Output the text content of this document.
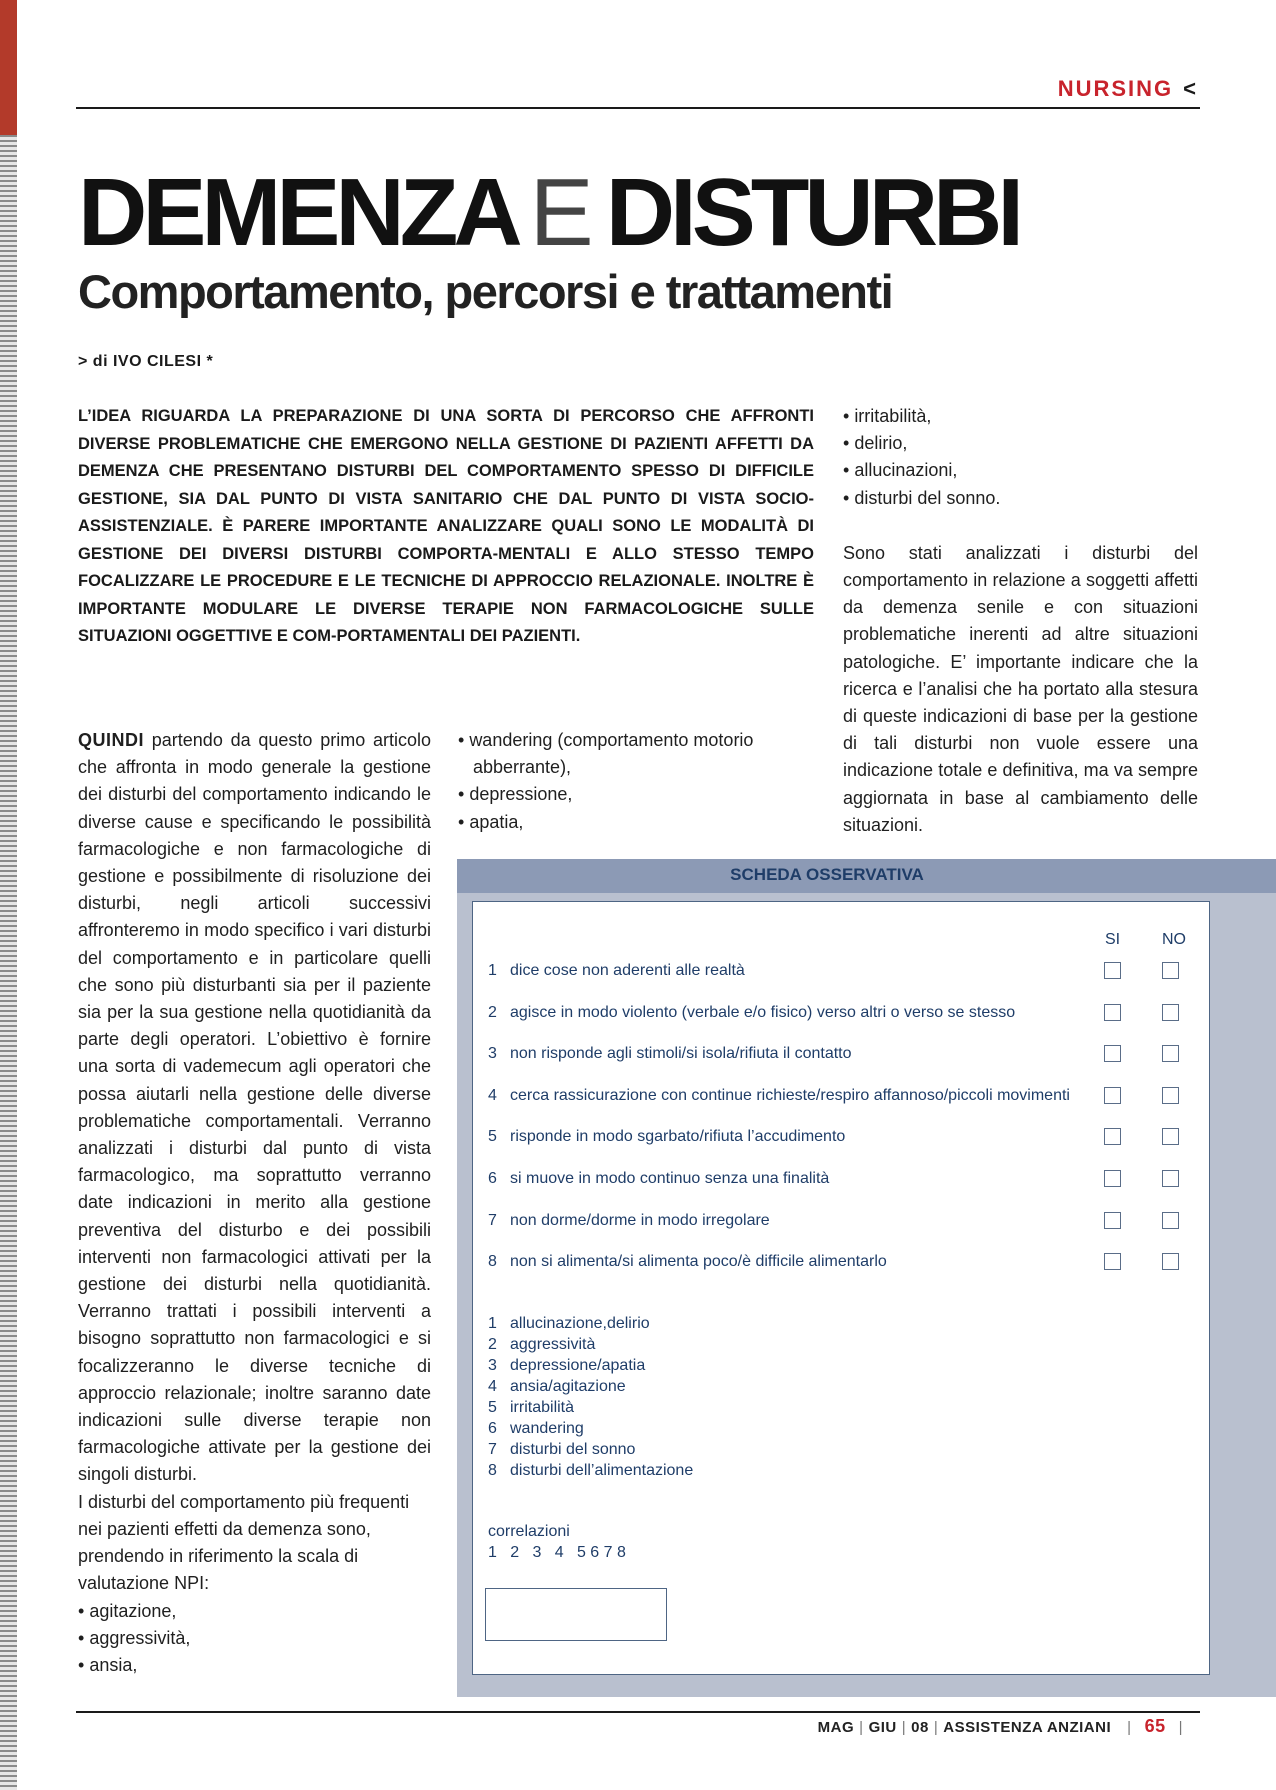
NURSING <
DEMENZA E DISTURBI
Comportamento, percorsi e trattamenti
> di IVO CILESI *

L’IDEA RIGUARDA LA PREPARAZIONE DI UNA SORTA DI PERCORSO CHE AFFRONTI DIVERSE PROBLEMATICHE CHE EMERGONO NELLA GESTIONE DI PAZIENTI AFFETTI DA DEMENZA CHE PRESENTANO DISTURBI DEL COMPORTAMENTO SPESSO DI DIFFICILE GESTIONE, SIA DAL PUNTO DI VISTA SANITARIO CHE DAL PUNTO DI VISTA SOCIO-ASSISTENZIALE. È PARERE IMPORTANTE ANALIZZARE QUALI SONO LE MODALITÀ DI GESTIONE DEI DIVERSI DISTURBI COMPORTA-MENTALI E ALLO STESSO TEMPO FOCALIZZARE LE PROCEDURE E LE TECNICHE DI APPROCCIO RELAZIONALE. INOLTRE È IMPORTANTE MODULARE LE DIVERSE TERAPIE NON FARMACOLOGICHE SULLE SITUAZIONI OGGETTIVE E COM-PORTAMENTALI DEI PAZIENTI.

QUINDI partendo da questo primo articolo che affronta in modo generale la gestione dei disturbi del comportamento indicando le diverse cause e specificando le possibilità farmacologiche e non farmacologiche di gestione e possibilmente di risoluzione dei disturbi, negli articoli successivi affronteremo in modo specifico i vari disturbi del comportamento e in particolare quelli che sono più disturbanti sia per il paziente sia per la sua gestione nella quotidianità da parte degli operatori. L’obiettivo è fornire una sorta di vademecum agli operatori che possa aiutarli nella gestione delle diverse problematiche comportamentali. Verranno analizzati i disturbi dal punto di vista farmacologico, ma soprattutto verranno date indicazioni in merito alla gestione preventiva del disturbo e dei possibili interventi non farmacologici attivati per la gestione dei disturbi nella quotidianità. Verranno trattati i possibili interventi a bisogno soprattutto non farmacologici e si focalizzeranno le diverse tecniche di approccio relazionale; inoltre saranno date indicazioni sulle diverse terapie non farmacologiche attivate per la gestione dei singoli disturbi.

I disturbi del comportamento più frequenti nei pazienti effetti da demenza sono, prendendo in riferimento la scala di valutazione NPI:

• agitazione,
• aggressività,
• ansia,
• wandering (comportamento motorio abberrante),
• depressione,
• apatia,
• irritabilità,
• delirio,
• allucinazioni,
• disturbi del sonno.

Sono stati analizzati i disturbi del comportamento in relazione a soggetti affetti da demenza senile e con situazioni problematiche inerenti ad altre situazioni patologiche. E’ importante indicare che la ricerca e l’analisi che ha portato alla stesura di queste indicazioni di base per la gestione di tali disturbi non vuole essere una indicazione totale e definitiva, ma va sempre aggiornata in base al cambiamento delle situazioni.

SCHEDA OSSERVATIVA
SI	NO
1 dice cose non aderenti alle realtà
2 agisce in modo violento (verbale e/o fisico) verso altri o verso se stesso
3 non risponde agli stimoli/si isola/rifiuta il contatto
4 cerca rassicurazione con continue richieste/respiro affannoso/piccoli movimenti
5 risponde in modo sgarbato/rifiuta l’accudimento
6 si muove in modo continuo senza una finalità
7 non dorme/dorme in modo irregolare
8 non si alimenta/si alimenta poco/è difficile alimentarlo
1 allucinazione,delirio
2 aggressività
3 depressione/apatia
4 ansia/agitazione
5 irritabilità
6 wandering
7 disturbi del sonno
8 disturbi dell’alimentazione
correlazioni
1   2   3   4   5 6 7 8
MAG | GIU | 08 | ASSISTENZA ANZIANI | 65 |
